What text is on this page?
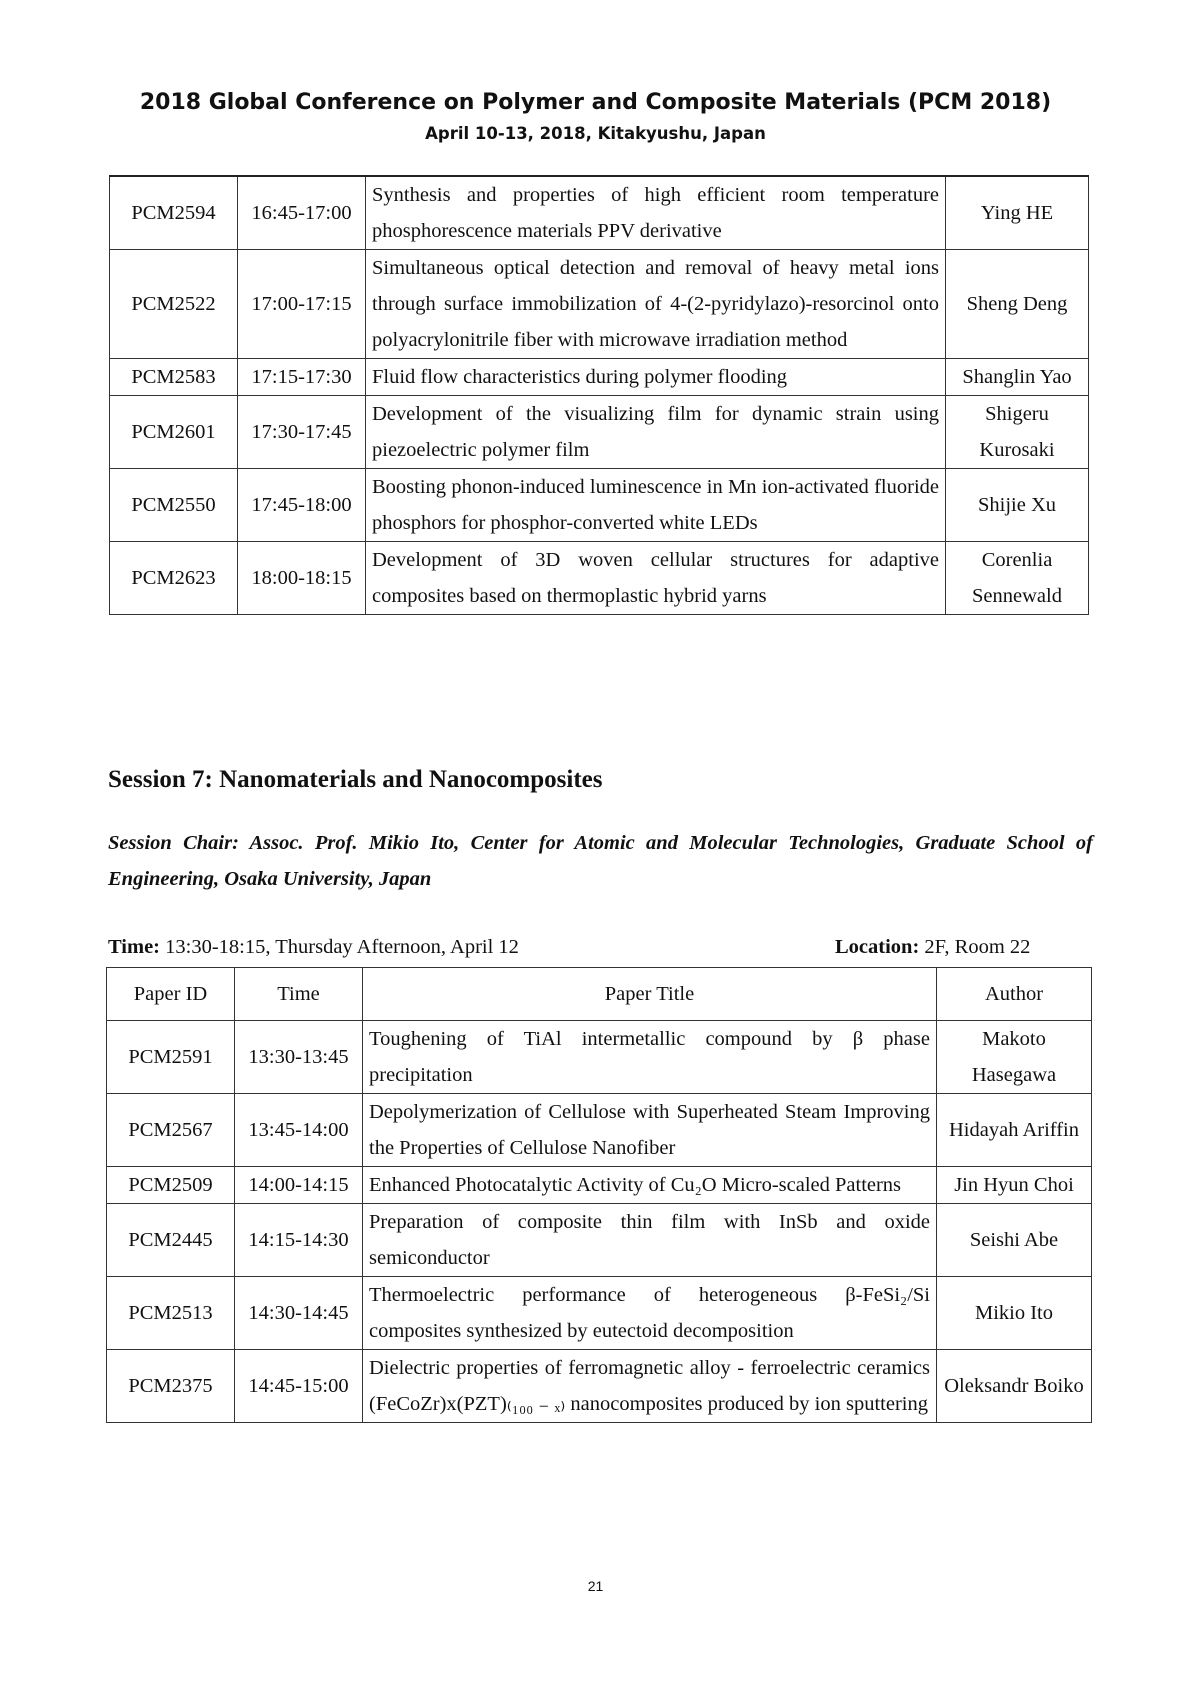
2018 Global Conference on Polymer and Composite Materials (PCM 2018)
April 10-13, 2018, Kitakyushu, Japan
PCM2594	16:45-17:00	Synthesis and properties of high efficient room temperature phosphorescence materials PPV derivative	Ying HE
PCM2522	17:00-17:15	Simultaneous optical detection and removal of heavy metal ions through surface immobilization of 4-(2-pyridylazo)-resorcinol onto polyacrylonitrile fiber with microwave irradiation method	Sheng Deng
PCM2583	17:15-17:30	Fluid flow characteristics during polymer flooding	Shanglin Yao
PCM2601	17:30-17:45	Development of the visualizing film for dynamic strain using piezoelectric polymer film	Shigeru Kurosaki
PCM2550	17:45-18:00	Boosting phonon-induced luminescence in Mn ion-activated fluoride phosphors for phosphor-converted white LEDs	Shijie Xu
PCM2623	18:00-18:15	Development of 3D woven cellular structures for adaptive composites based on thermoplastic hybrid yarns	Corenlia Sennewald
Session 7: Nanomaterials and Nanocomposites
Session Chair: Assoc. Prof. Mikio Ito, Center for Atomic and Molecular Technologies, Graduate School of Engineering, Osaka University, Japan
Time: 13:30-18:15, Thursday Afternoon, April 12	Location: 2F, Room 22
Paper ID	Time	Paper Title	Author
PCM2591	13:30-13:45	Toughening of TiAl intermetallic compound by β phase precipitation	Makoto Hasegawa
PCM2567	13:45-14:00	Depolymerization of Cellulose with Superheated Steam Improving the Properties of Cellulose Nanofiber	Hidayah Ariffin
PCM2509	14:00-14:15	Enhanced Photocatalytic Activity of Cu₂O Micro-scaled Patterns	Jin Hyun Choi
PCM2445	14:15-14:30	Preparation of composite thin film with InSb and oxide semiconductor	Seishi Abe
PCM2513	14:30-14:45	Thermoelectric performance of heterogeneous β-FeSi₂/Si composites synthesized by eutectoid decomposition	Mikio Ito
PCM2375	14:45-15:00	Dielectric properties of ferromagnetic alloy - ferroelectric ceramics (FeCoZr)x(PZT)₍₁₀₀ ₋ ₓ₎ nanocomposites produced by ion sputtering	Oleksandr Boiko
21
